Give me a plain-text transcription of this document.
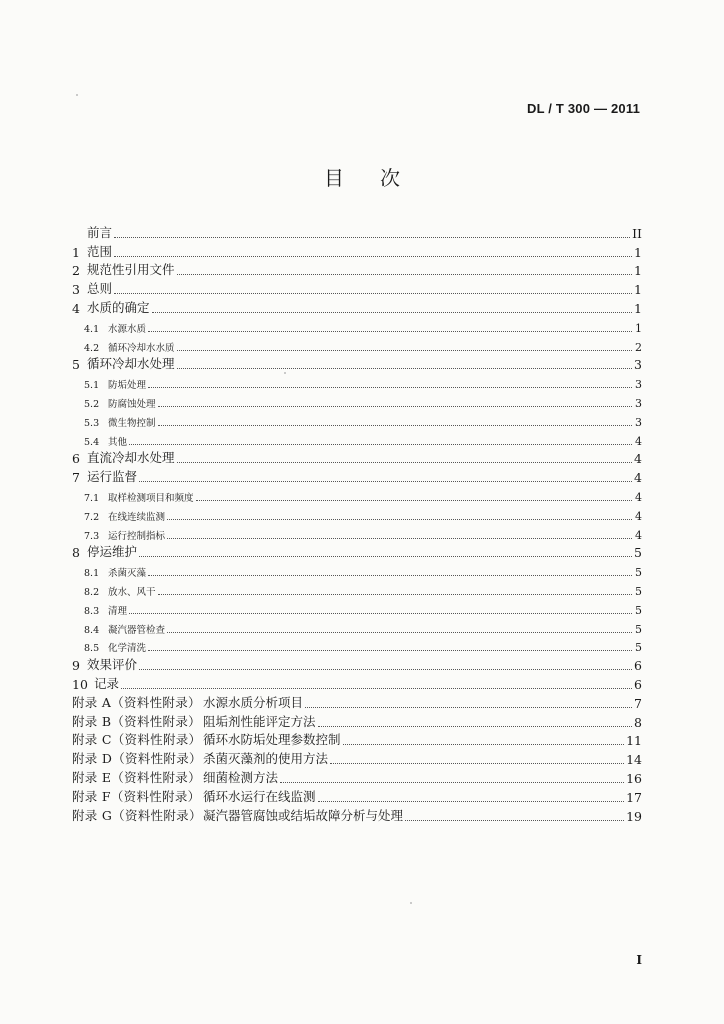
DL / T 300 — 2011
目次
前言	II
1 范围	1
2 规范性引用文件	1
3 总则	1
4 水质的确定	1
4.1 水源水质	1
4.2 循环冷却水水质	2
5 循环冷却水处理	3
5.1 防垢处理	3
5.2 防腐蚀处理	3
5.3 微生物控制	3
5.4 其他	4
6 直流冷却水处理	4
7 运行监督	4
7.1 取样检测项目和频度	4
7.2 在线连续监测	4
7.3 运行控制指标	4
8 停运维护	5
8.1 杀菌灭藻	5
8.2 放水、风干	5
8.3 清理	5
8.4 凝汽器管检查	5
8.5 化学清洗	5
9 效果评价	6
10 记录	6
附录 A（资料性附录） 水源水质分析项目	7
附录 B（资料性附录） 阻垢剂性能评定方法	8
附录 C（资料性附录） 循环水防垢处理参数控制	11
附录 D（资料性附录） 杀菌灭藻剂的使用方法	14
附录 E（资料性附录） 细菌检测方法	16
附录 F（资料性附录） 循环水运行在线监测	17
附录 G（资料性附录） 凝汽器管腐蚀或结垢故障分析与处理	19
I
